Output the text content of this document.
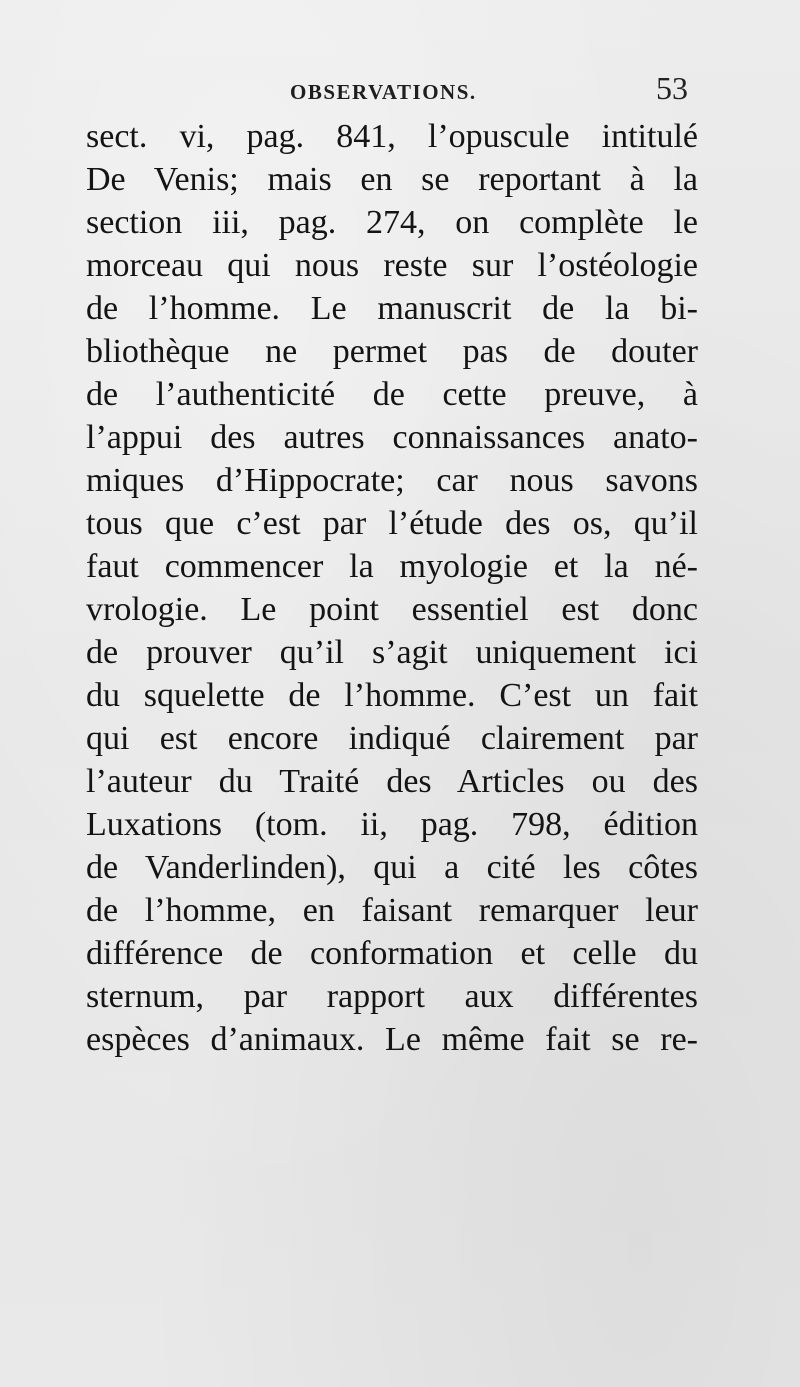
OBSERVATIONS.	53
sect. vi, pag. 841, l’opuscule intitulé
De Venis; mais en se reportant à la
section iii, pag. 274, on complète le
morceau qui nous reste sur l’ostéologie
de l’homme. Le manuscrit de la bi-
bliothèque ne permet pas de douter
de l’authenticité de cette preuve, à
l’appui des autres connaissances anato-
miques d’Hippocrate; car nous savons
tous que c’est par l’étude des os, qu’il
faut commencer la myologie et la né-
vrologie. Le point essentiel est donc
de prouver qu’il s’agit uniquement ici
du squelette de l’homme. C’est un fait
qui est encore indiqué clairement par
l’auteur du Traité des Articles ou des
Luxations (tom. ii, pag. 798, édition
de Vanderlinden), qui a cité les côtes
de l’homme, en faisant remarquer leur
différence de conformation et celle du
sternum, par rapport aux différentes
espèces d’animaux. Le même fait se re-
